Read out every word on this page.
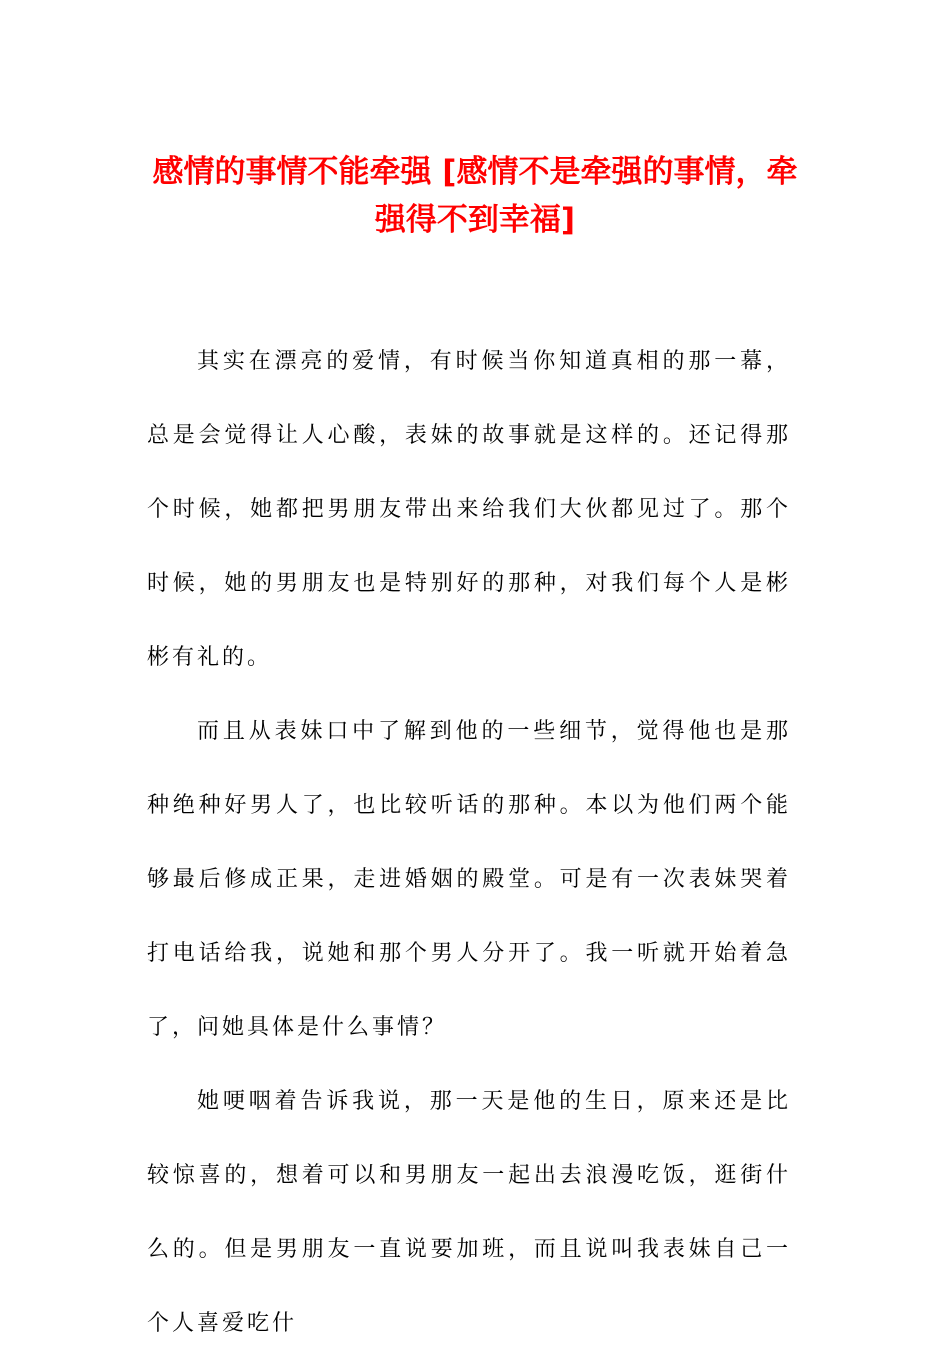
感情的事情不能牵强 [感情不是牵强的事情，牵强得不到幸福]

其实在漂亮的爱情，有时候当你知道真相的那一幕，总是会觉得让人心酸，表妹的故事就是这样的。还记得那个时候，她都把男朋友带出来给我们大伙都见过了。那个时候，她的男朋友也是特别好的那种，对我们每个人是彬彬有礼的。

而且从表妹口中了解到他的一些细节，觉得他也是那种绝种好男人了，也比较听话的那种。本以为他们两个能够最后修成正果，走进婚姻的殿堂。可是有一次表妹哭着打电话给我，说她和那个男人分开了。我一听就开始着急了，问她具体是什么事情？

她哽咽着告诉我说，那一天是他的生日，原来还是比较惊喜的，想着可以和男朋友一起出去浪漫吃饭，逛街什么的。但是男朋友一直说要加班，而且说叫我表妹自己一个人喜爱吃什
